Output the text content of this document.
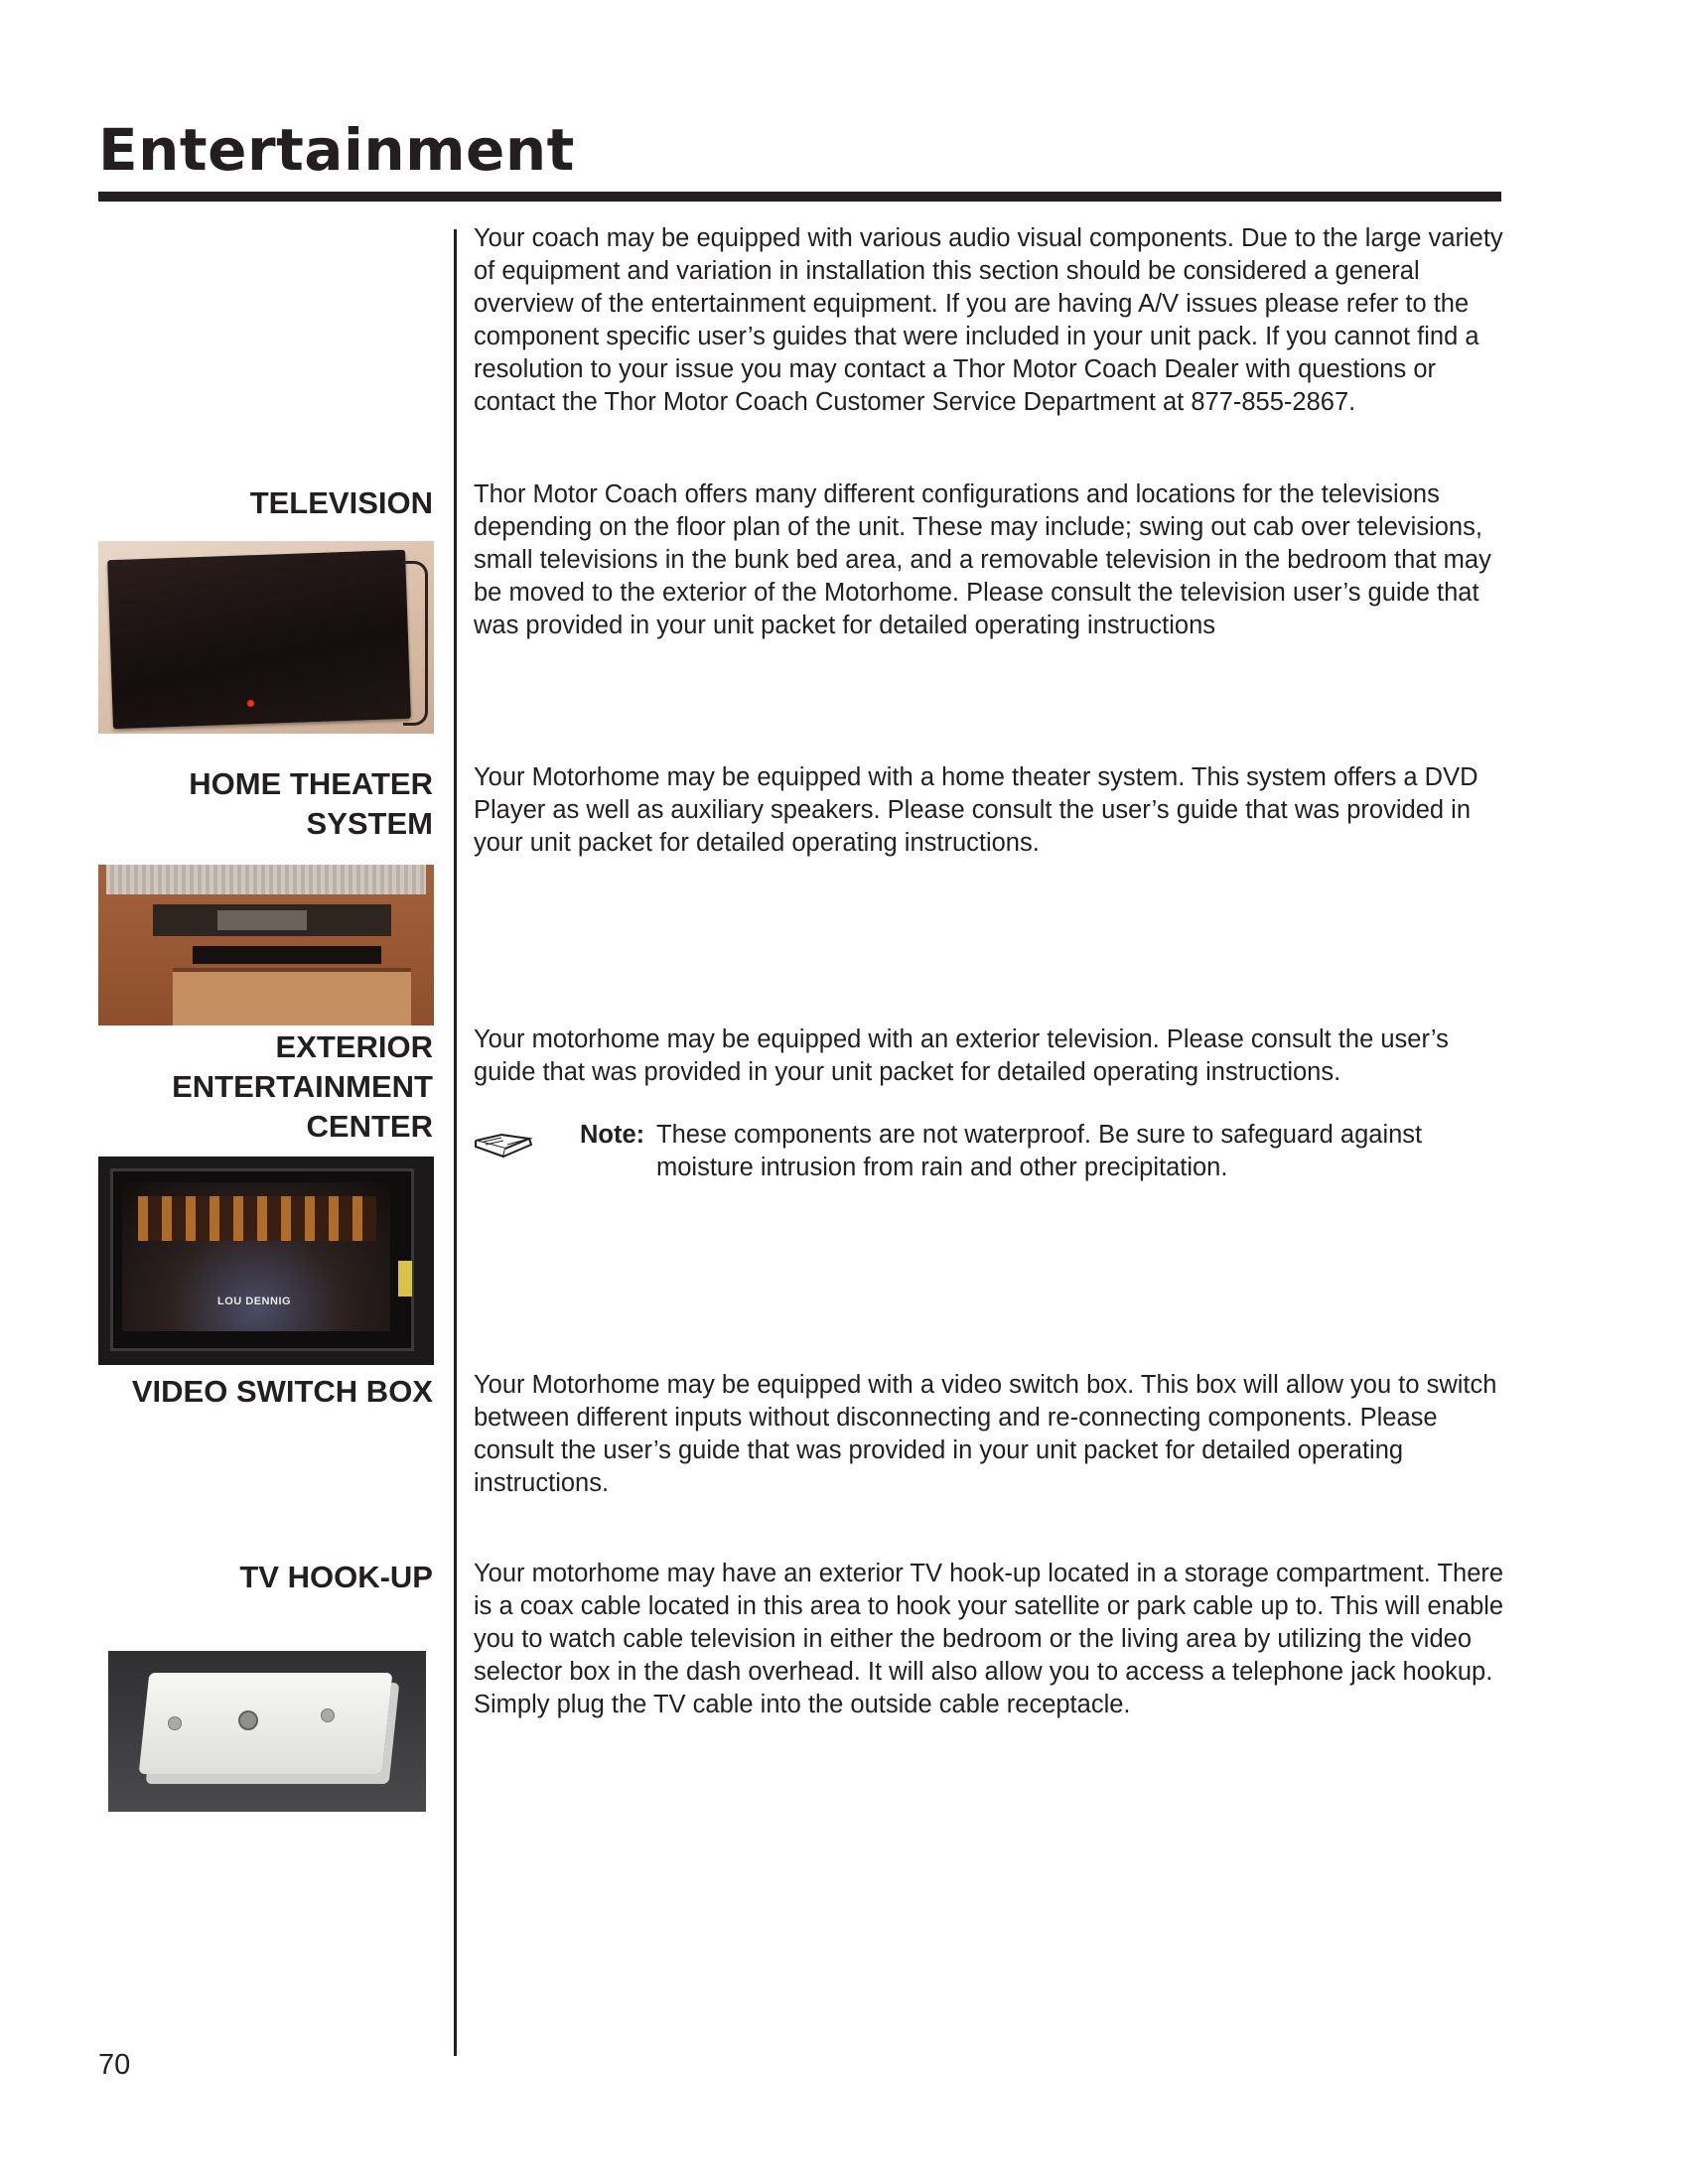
Entertainment

Your coach may be equipped with various audio visual components. Due to the large variety of equipment and variation in installation this section should be considered a general overview of the entertainment equipment. If you are having A/V issues please refer to the component specific user’s guides that were included in your unit pack. If you cannot find a resolution to your issue you may contact a Thor Motor Coach Dealer with questions or contact the Thor Motor Coach Customer Service Department at 877-855-2867.

TELEVISION Thor Motor Coach offers many different configurations and locations for the televisions depending on the floor plan of the unit. These may include; swing out cab over televisions, small televisions in the bunk bed area, and a removable television in the bedroom that may be moved to the exterior of the Motorhome. Please consult the television user’s guide that was provided in your unit packet for detailed operating instructions

HOME THEATER
SYSTEM

Your Motorhome may be equipped with a home theater system. This system offers a DVD Player as well as auxiliary speakers. Please consult the user’s guide that was provided in your unit packet for detailed operating instructions.

EXTERIOR
ENTERTAINMENT
CENTER
LOU DENNIG

Your motorhome may be equipped with an exterior television. Please consult the user’s guide that was provided in your unit packet for detailed operating instructions.

Note: These components are not waterproof. Be sure to safeguard against moisture intrusion from rain and other precipitation.

VIDEO SWITCH BOX Your Motorhome may be equipped with a video switch box. This box will allow you to switch between different inputs without disconnecting and re-connecting components. Please consult the user’s guide that was provided in your unit packet for detailed operating instructions.

TV HOOK-UP Your motorhome may have an exterior TV hook-up located in a storage compartment. There is a coax cable located in this area to hook your satellite or park cable up to. This will enable you to watch cable television in either the bedroom or the living area by utilizing the video selector box in the dash overhead. It will also allow you to access a telephone jack hookup. Simply plug the TV cable into the outside cable receptacle.

70
